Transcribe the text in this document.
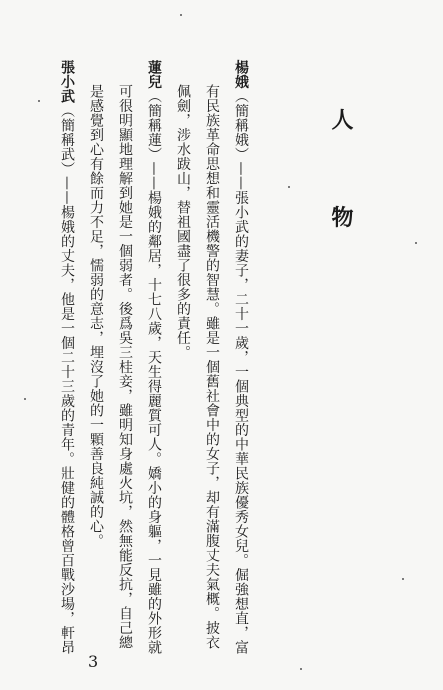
人 物
楊娥（簡稱娥）——張小武的妻子，二十一歲，一個典型的中華民族優秀女兒。倔強想直，富
有民族革命思想和靈活機警的智慧。雖是一個舊社會中的女子，却有滿腹丈夫氣概。披衣
佩劍，涉水跋山，替祖國盡了很多的責任。
蓮兒（簡稱蓮）——楊娥的鄰居，十七八歲，天生得麗質可人。嬌小的身軀，一見雖的外形就
可很明顯地理解到她是一個弱者。後爲吳三桂妾，雖明知身處火坑，然無能反抗，自己總
是感覺到心有餘而力不足，懦弱的意志，埋沒了她的一顆善良純誠的心。
張小武（簡稱武）——楊娥的丈夫，他是一個二十三歲的青年。壯健的體格曾百戰沙場，軒昂
3
